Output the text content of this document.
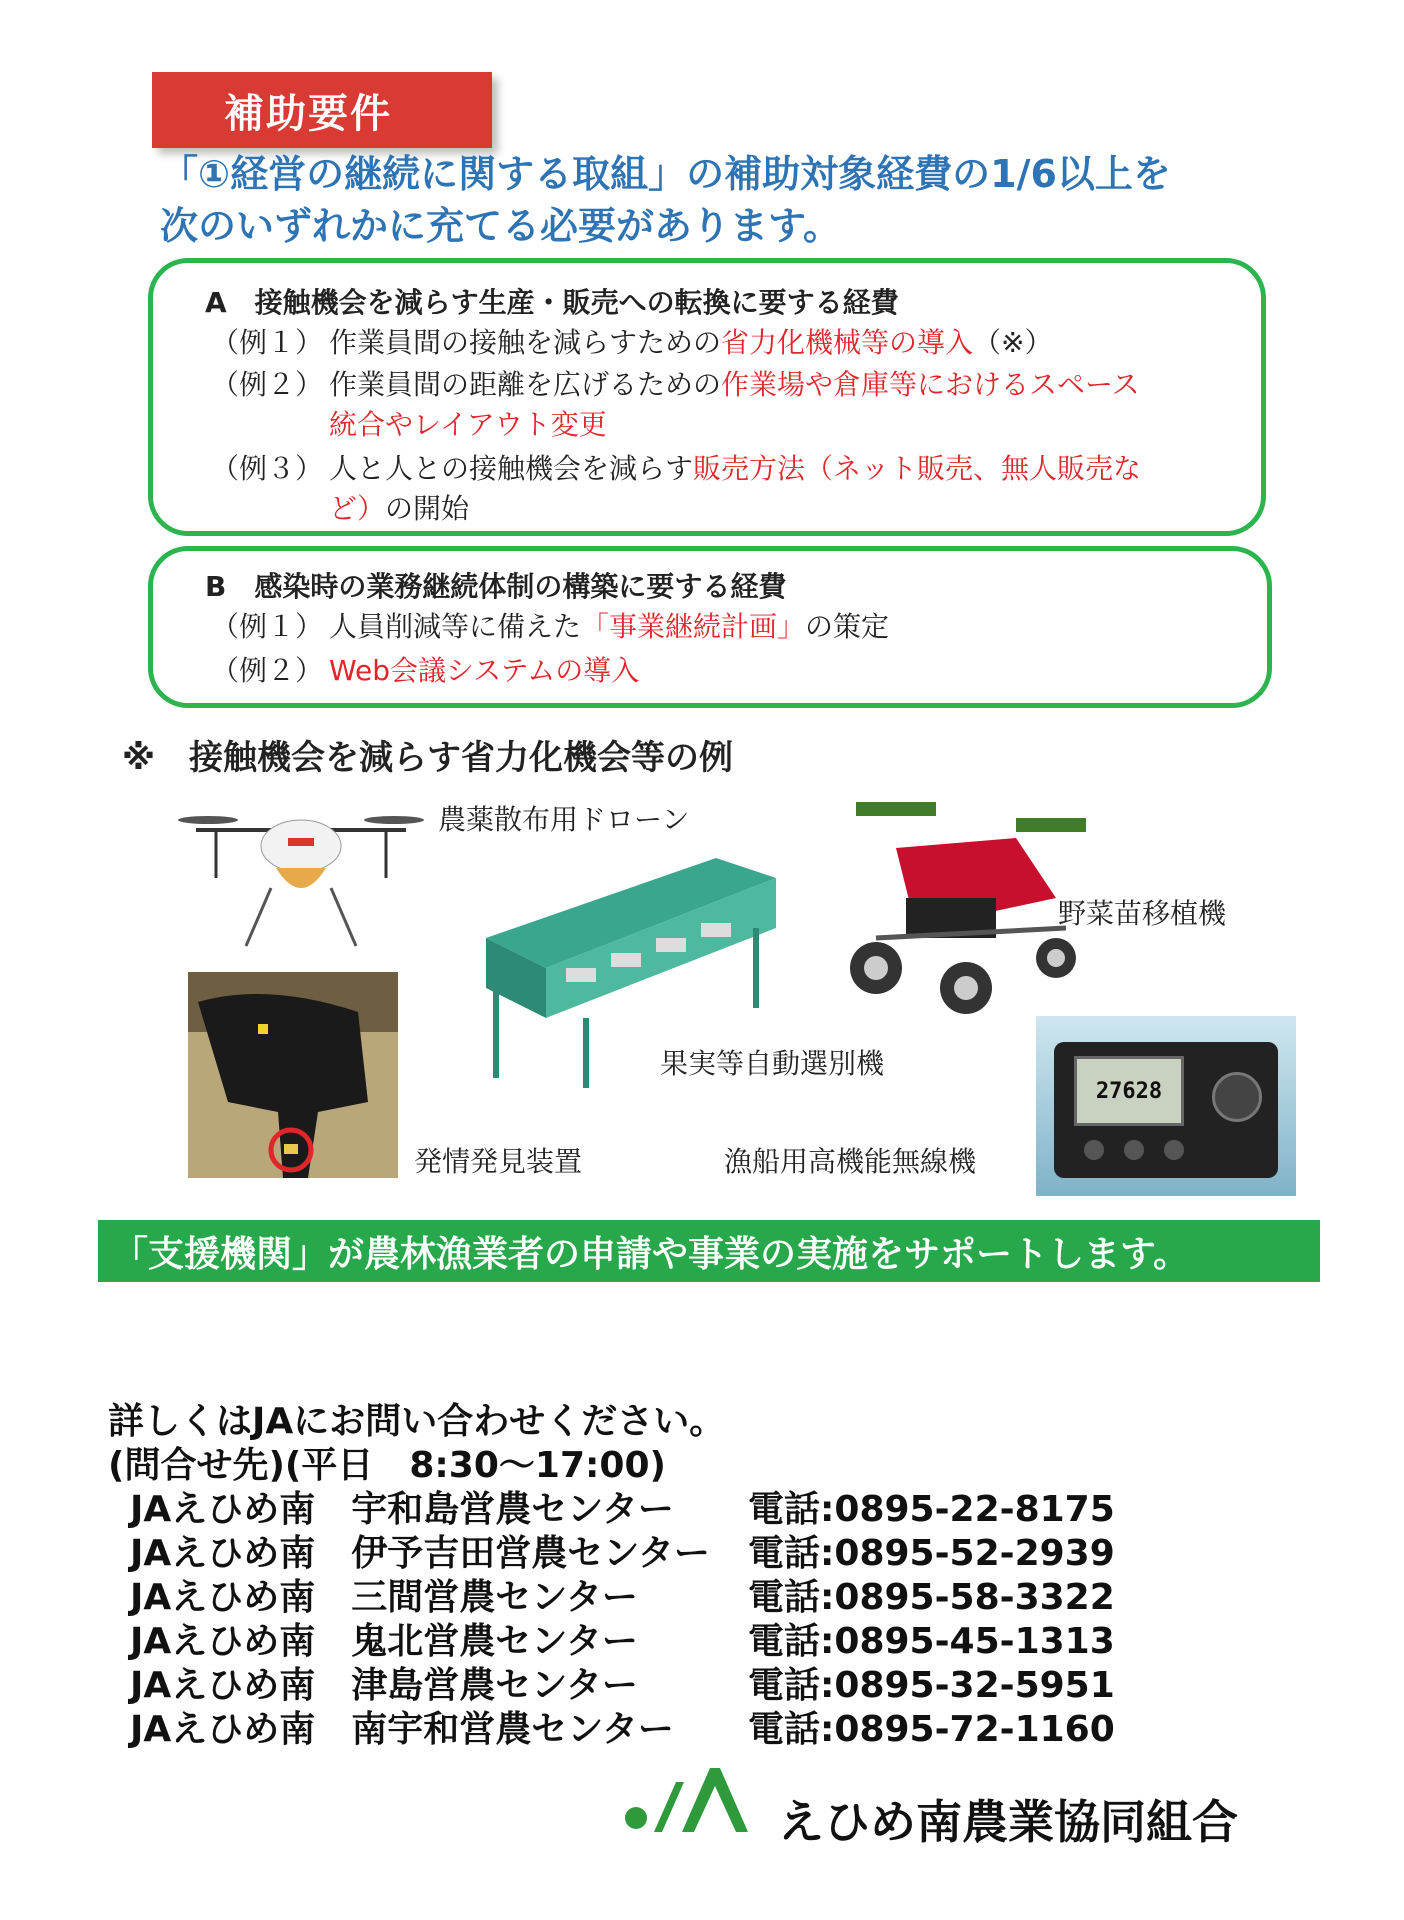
補助要件
「①経営の継続に関する取組」の補助対象経費の1/6以上を
次のいずれかに充てる必要があります。
A　接触機会を減らす生産・販売への転換に要する経費
（例１） 作業員間の接触を減らすための省力化機械等の導入（※）
（例２） 作業員間の距離を広げるための作業場や倉庫等におけるスペース
統合やレイアウト変更
（例３） 人と人との接触機会を減らす販売方法（ネット販売、無人販売な
ど）の開始
B　感染時の業務継続体制の構築に要する経費
（例１） 人員削減等に備えた「事業継続計画」の策定
（例２） Web会議システムの導入
※　接触機会を減らす省力化機会等の例
農薬散布用ドローン
果実等自動選別機
野菜苗移植機
発情発見装置
27628
漁船用高機能無線機
「支援機関」が農林漁業者の申請や事業の実施をサポートします。
詳しくはJAにお問い合わせください。
(問合せ先)(平日　8:30～17:00)
JAえひめ南　宇和島営農センター	電話:0895-22-8175
JAえひめ南　伊予吉田営農センター	電話:0895-52-2939
JAえひめ南　三間営農センター	電話:0895-58-3322
JAえひめ南　鬼北営農センター	電話:0895-45-1313
JAえひめ南　津島営農センター	電話:0895-32-5951
JAえひめ南　南宇和営農センター	電話:0895-72-1160
えひめ南農業協同組合
